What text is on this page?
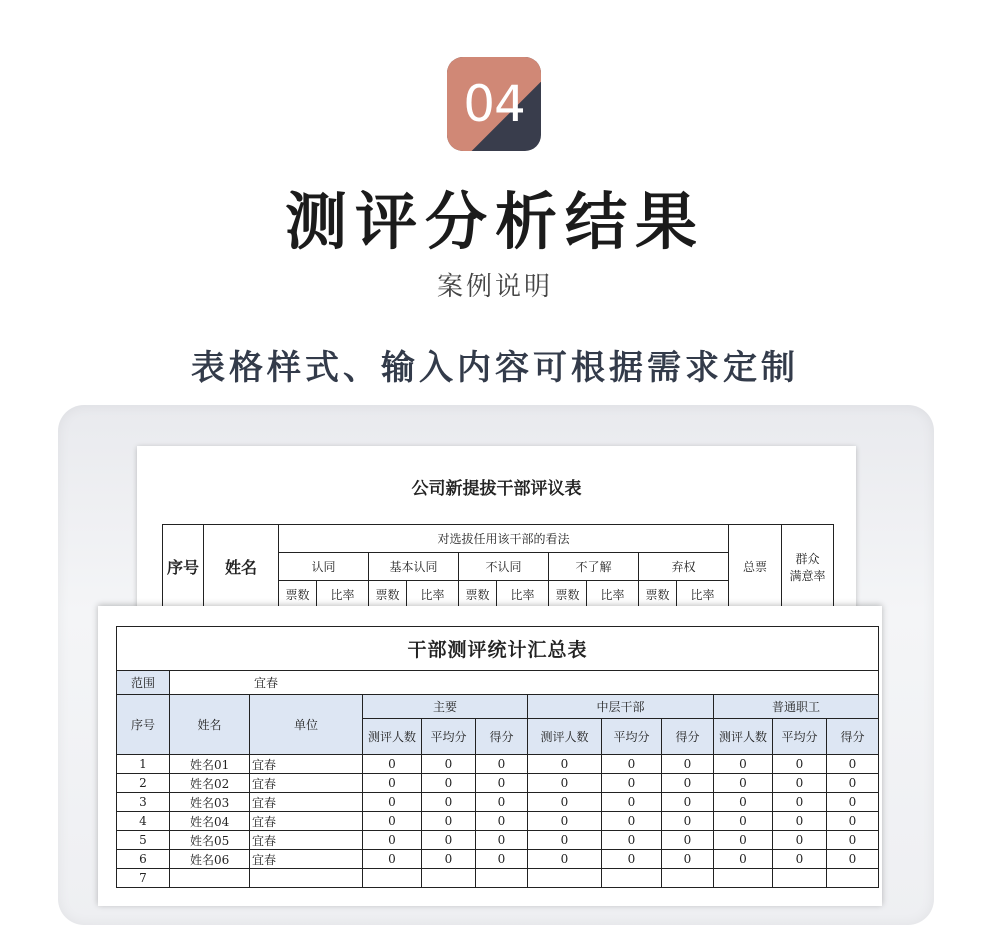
04
测评分析结果
案例说明
表格样式、输入内容可根据需求定制
公司新提拔干部评议表
序号	姓名	对选拔任用该干部的看法										总票	群众
满意率
		认同		基本认同		不认同		不了解		弃权			
		票数	比率	票数	比率	票数	比率	票数	比率	票数	比率		
干部测评统计汇总表											
范围	宜春										
序号	姓名	单位	主要			中层干部			普通职工		
			测评人数	平均分	得分	测评人数	平均分	得分	测评人数	平均分	得分
1	姓名01	宜春	0	0	0	0	0	0	0	0	0
2	姓名02	宜春	0	0	0	0	0	0	0	0	0
3	姓名03	宜春	0	0	0	0	0	0	0	0	0
4	姓名04	宜春	0	0	0	0	0	0	0	0	0
5	姓名05	宜春	0	0	0	0	0	0	0	0	0
6	姓名06	宜春	0	0	0	0	0	0	0	0	0
7											
